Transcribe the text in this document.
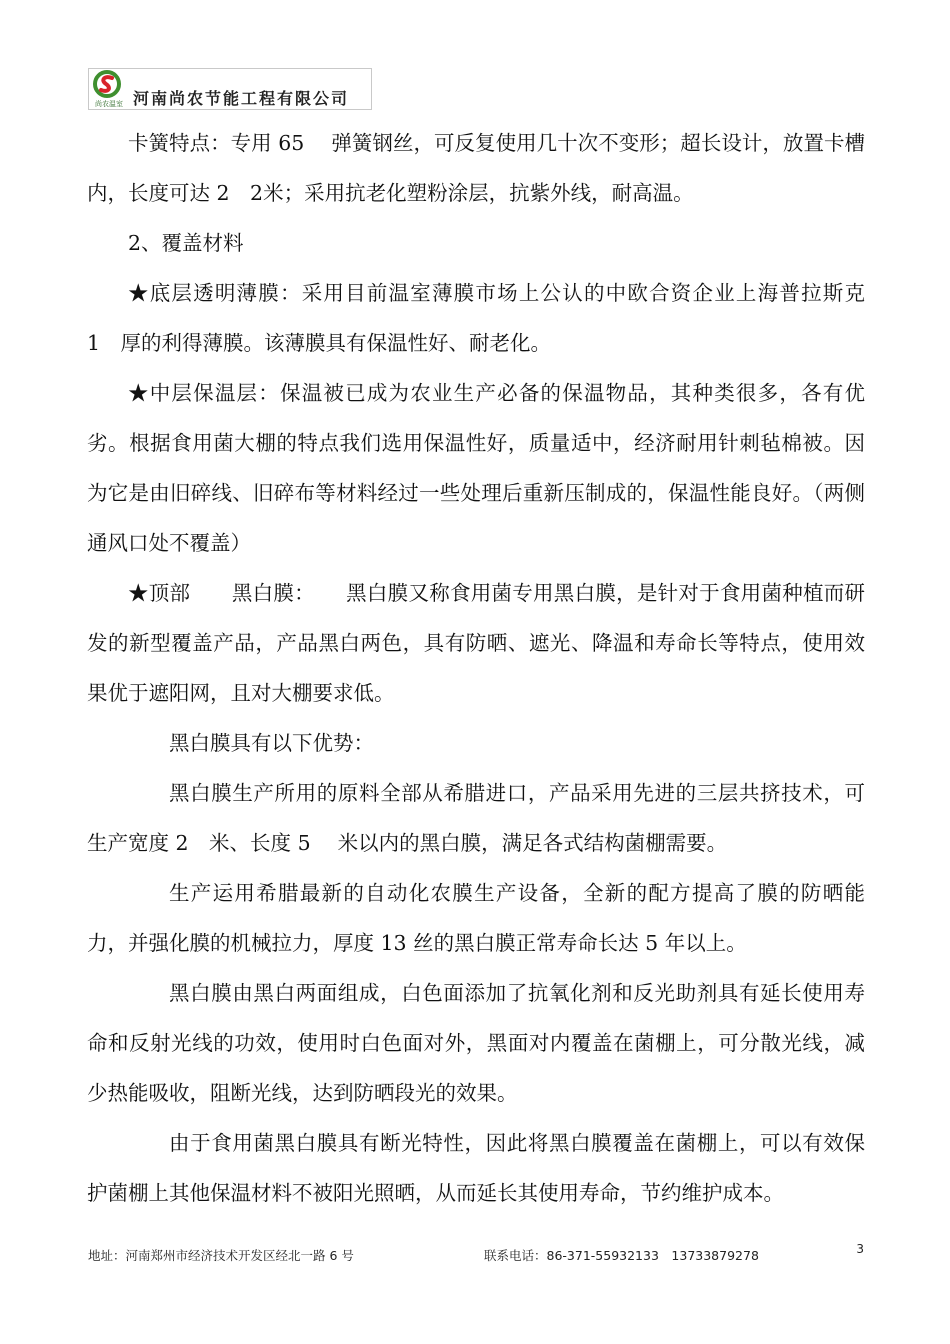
尚农温室 河南尚农节能工程有限公司

卡簧特点：专用 65　 弹簧钢丝，可反复使用几十次不变形；超长设计，放置卡槽内，长度可达 2　2米；采用抗老化塑粉涂层，抗紫外线，耐高温。

2、覆盖材料

★底层透明薄膜：采用目前温室薄膜市场上公认的中欧合资企业上海普拉斯克　　1　厚的利得薄膜。该薄膜具有保温性好、耐老化。

★中层保温层：保温被已成为农业生产必备的保温物品，其种类很多，各有优劣。根据食用菌大棚的特点我们选用保温性好，质量适中，经济耐用针刺毡棉被。因为它是由旧碎线、旧碎布等材料经过一些处理后重新压制成的，保温性能良好。（两侧通风口处不覆盖）

★顶部　　黑白膜：　　黑白膜又称食用菌专用黑白膜，是针对于食用菌种植而研发的新型覆盖产品，产品黑白两色，具有防晒、遮光、降温和寿命长等特点，使用效果优于遮阳网，且对大棚要求低。

黑白膜具有以下优势：

黑白膜生产所用的原料全部从希腊进口，产品采用先进的三层共挤技术，可生产宽度 2　米、长度 5　 米以内的黑白膜，满足各式结构菌棚需要。

生产运用希腊最新的自动化农膜生产设备，全新的配方提高了膜的防晒能力，并强化膜的机械拉力，厚度 13 丝的黑白膜正常寿命长达 5 年以上。

黑白膜由黑白两面组成，白色面添加了抗氧化剂和反光助剂具有延长使用寿命和反射光线的功效，使用时白色面对外，黑面对内覆盖在菌棚上，可分散光线，减少热能吸收，阻断光线，达到防晒段光的效果。

由于食用菌黑白膜具有断光特性，因此将黑白膜覆盖在菌棚上，可以有效保护菌棚上其他保温材料不被阳光照晒，从而延长其使用寿命，节约维护成本。

地址：河南郑州市经济技术开发区经北一路 6 号	联系电话：86-371-55932133　13733879278	3
